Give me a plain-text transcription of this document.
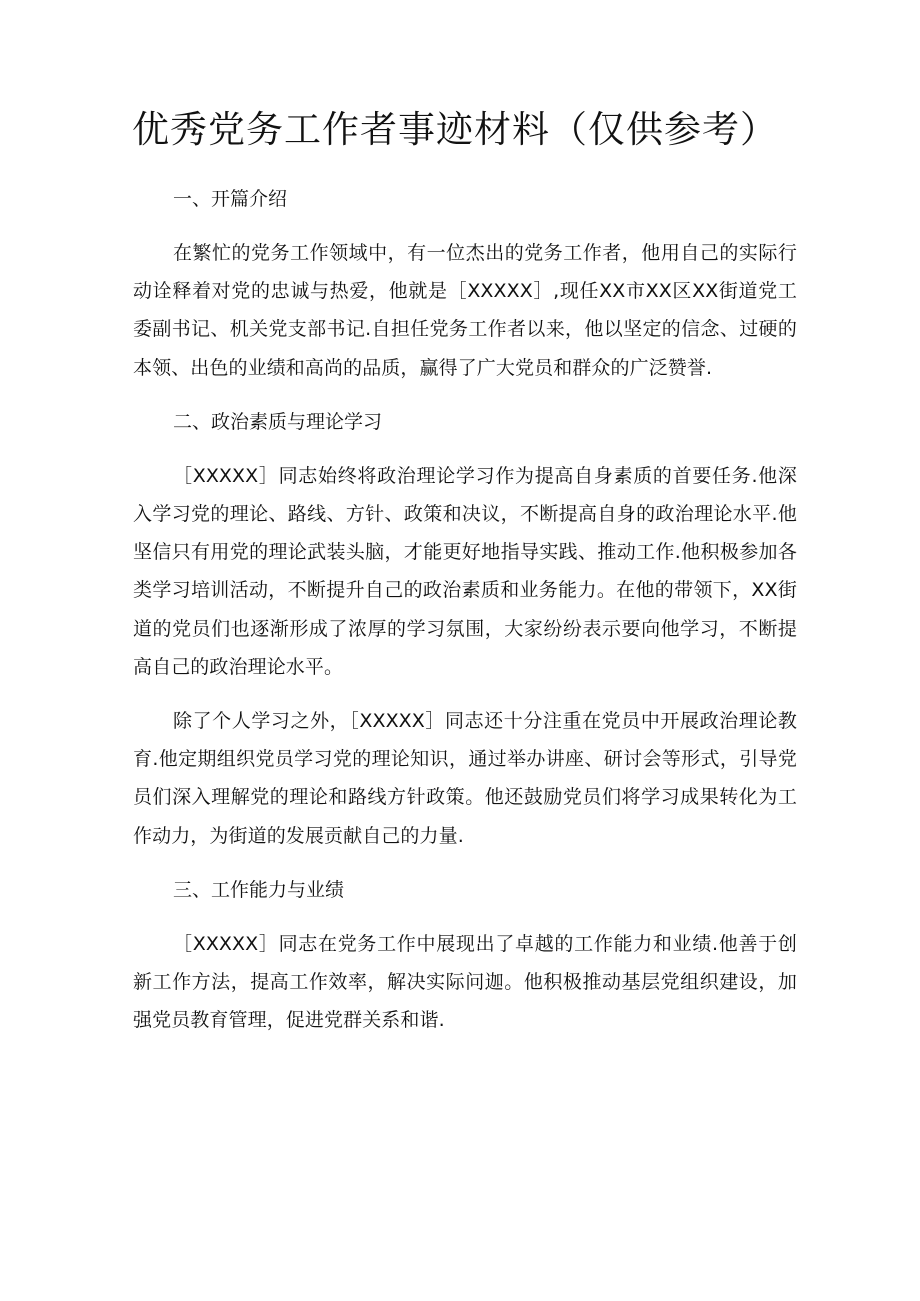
优秀党务工作者事迹材料（仅供参考）
一、开篇介绍

在繁忙的党务工作领域中，有一位杰出的党务工作者，他用自己的实际行动诠释着对党的忠诚与热爱，他就是［XXXXX］,现任XX市XX区XX街道党工委副书记、机关党支部书记.自担任党务工作者以来，他以坚定的信念、过硬的本领、出色的业绩和高尚的品质，赢得了广大党员和群众的广泛赞誉.

二、政治素质与理论学习

［XXXXX］同志始终将政治理论学习作为提高自身素质的首要任务.他深入学习党的理论、路线、方针、政策和决议，不断提高自身的政治理论水平.他坚信只有用党的理论武装头脑，才能更好地指导实践、推动工作.他积极参加各类学习培训活动，不断提升自己的政治素质和业务能力。在他的带领下，XX街道的党员们也逐渐形成了浓厚的学习氛围，大家纷纷表示要向他学习，不断提高自己的政治理论水平。

除了个人学习之外，［XXXXX］同志还十分注重在党员中开展政治理论教育.他定期组织党员学习党的理论知识，通过举办讲座、研讨会等形式，引导党员们深入理解党的理论和路线方针政策。他还鼓励党员们将学习成果转化为工作动力，为街道的发展贡献自己的力量.

三、工作能力与业绩

［XXXXX］同志在党务工作中展现出了卓越的工作能力和业绩.他善于创新工作方法，提高工作效率，解决实际问迦。他积极推动基层党组织建设，加强党员教育管理，促进党群关系和谐.
